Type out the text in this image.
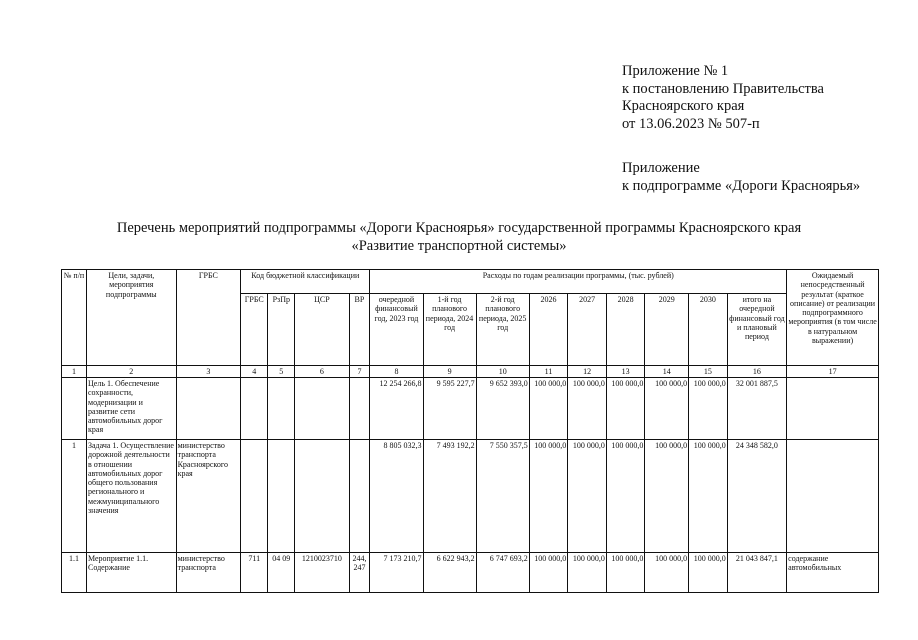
Приложение № 1
к постановлению Правительства
Красноярского края
от 13.06.2023 № 507-п
Приложение
к подпрограмме «Дороги Красноярья»
Перечень мероприятий подпрограммы «Дороги Красноярья» государственной программы Красноярского края
«Развитие транспортной системы»
№ п/п	Цели, задачи, мероприятия подпрограммы	ГРБС	Код бюджетной классификации				Расходы по годам реализации программы, (тыс. рублей)									Ожидаемый непосредственный результат (краткое описание) от реализации подпрограммного мероприятия (в том числе в натуральном выражении)
			ГРБС	РзПр	ЦСР	ВР	очередной финансовый год, 2023 год	1-й год планового периода, 2024 год	2-й год планового периода, 2025 год	2026	2027	2028	2029	2030	итого на очередной финансовый год и плановый период	
1	2	3	4	5	6	7	8	9	10	11	12	13	14	15	16	17
	Цель 1. Обеспечение сохранности, модернизации и развитие сети автомобильных дорог края						12 254 266,8	9 595 227,7	9 652 393,0	100 000,0	100 000,0	100 000,0	100 000,0	100 000,0	32 001 887,5	
1	Задача 1. Осуществление дорожной деятельности в отношении автомобильных дорог общего пользования регионального и межмуниципального значения	министерство транспорта Красноярского края					8 805 032,3	7 493 192,2	7 550 357,5	100 000,0	100 000,0	100 000,0	100 000,0	100 000,0	24 348 582,0	
1.1	Мероприятие 1.1. Содержание	министерство транспорта	711	04 09	1210023710	244, 247	7 173 210,7	6 622 943,2	6 747 693,2	100 000,0	100 000,0	100 000,0	100 000,0	100 000,0	21 043 847,1	содержание автомобильных
